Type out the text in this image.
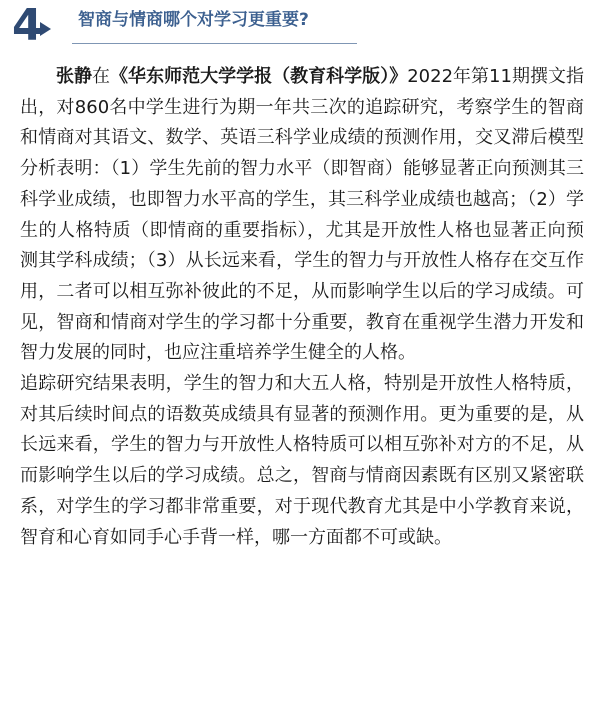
4 智商与情商哪个对学习更重要?

张静在《华东师范大学学报（教育科学版）》2022年第11期撰文指出，对860名中学生进行为期一年共三次的追踪研究，考察学生的智商和情商对其语文、数学、英语三科学业成绩的预测作用，交叉滞后模型分析表明：（1）学生先前的智力水平（即智商）能够显著正向预测其三科学业成绩，也即智力水平高的学生，其三科学业成绩也越高；（2）学生的人格特质（即情商的重要指标），尤其是开放性人格也显著正向预测其学科成绩；（3）从长远来看，学生的智力与开放性人格存在交互作用，二者可以相互弥补彼此的不足，从而影响学生以后的学习成绩。可见，智商和情商对学生的学习都十分重要，教育在重视学生潜力开发和智力发展的同时，也应注重培养学生健全的人格。

追踪研究结果表明，学生的智力和大五人格，特别是开放性人格特质，对其后续时间点的语数英成绩具有显著的预测作用。更为重要的是，从长远来看，学生的智力与开放性人格特质可以相互弥补对方的不足，从而影响学生以后的学习成绩。总之，智商与情商因素既有区别又紧密联系，对学生的学习都非常重要，对于现代教育尤其是中小学教育来说，智育和心育如同手心手背一样，哪一方面都不可或缺。
